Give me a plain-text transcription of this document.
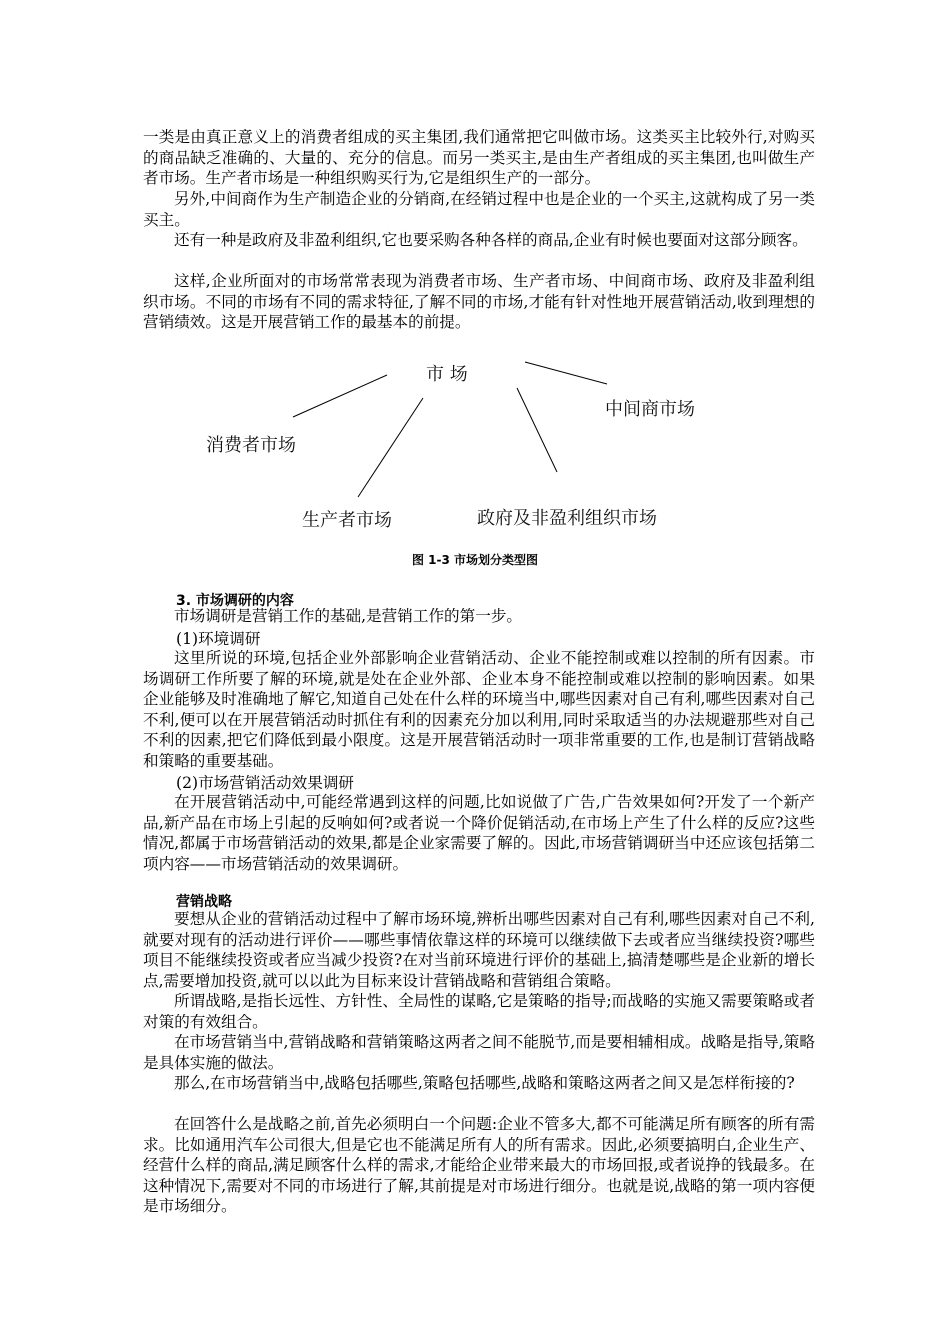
一类是由真正意义上的消费者组成的买主集团,我们通常把它叫做市场。这类买主比较外行,对购买的商品缺乏准确的、大量的、充分的信息。而另一类买主,是由生产者组成的买主集团,也叫做生产者市场。生产者市场是一种组织购买行为,它是组织生产的一部分。

另外,中间商作为生产制造企业的分销商,在经销过程中也是企业的一个买主,这就构成了另一类买主。

还有一种是政府及非盈利组织,它也要采购各种各样的商品,企业有时候也要面对这部分顾客。

这样,企业所面对的市场常常表现为消费者市场、生产者市场、中间商市场、政府及非盈利组织市场。不同的市场有不同的需求特征,了解不同的市场,才能有针对性地开展营销活动,收到理想的营销绩效。这是开展营销工作的最基本的前提。

市 场
消费者市场
生产者市场	政府及非盈利组织市场
中间商市场

图 1-3 市场划分类型图

3. 市场调研的内容

市场调研是营销工作的基础,是营销工作的第一步。

(1)环境调研

这里所说的环境,包括企业外部影响企业营销活动、企业不能控制或难以控制的所有因素。市场调研工作所要了解的环境,就是处在企业外部、企业本身不能控制或难以控制的影响因素。如果企业能够及时准确地了解它,知道自己处在什么样的环境当中,哪些因素对自己有利,哪些因素对自己不利,便可以在开展营销活动时抓住有利的因素充分加以利用,同时采取适当的办法规避那些对自己不利的因素,把它们降低到最小限度。这是开展营销活动时一项非常重要的工作,也是制订营销战略和策略的重要基础。

(2)市场营销活动效果调研

在开展营销活动中,可能经常遇到这样的问题,比如说做了广告,广告效果如何?开发了一个新产品,新产品在市场上引起的反响如何?或者说一个降价促销活动,在市场上产生了什么样的反应?这些情况,都属于市场营销活动的效果,都是企业家需要了解的。因此,市场营销调研当中还应该包括第二项内容——市场营销活动的效果调研。

营销战略

要想从企业的营销活动过程中了解市场环境,辨析出哪些因素对自己有利,哪些因素对自己不利,就要对现有的活动进行评价——哪些事情依靠这样的环境可以继续做下去或者应当继续投资?哪些项目不能继续投资或者应当减少投资?在对当前环境进行评价的基础上,搞清楚哪些是企业新的增长点,需要增加投资,就可以以此为目标来设计营销战略和营销组合策略。

所谓战略,是指长远性、方针性、全局性的谋略,它是策略的指导;而战略的实施又需要策略或者对策的有效组合。

在市场营销当中,营销战略和营销策略这两者之间不能脱节,而是要相辅相成。战略是指导,策略是具体实施的做法。

那么,在市场营销当中,战略包括哪些,策略包括哪些,战略和策略这两者之间又是怎样衔接的?

在回答什么是战略之前,首先必须明白一个问题:企业不管多大,都不可能满足所有顾客的所有需求。比如通用汽车公司很大,但是它也不能满足所有人的所有需求。因此,必须要搞明白,企业生产、经营什么样的商品,满足顾客什么样的需求,才能给企业带来最大的市场回报,或者说挣的钱最多。在这种情况下,需要对不同的市场进行了解,其前提是对市场进行细分。也就是说,战略的第一项内容便是市场细分。
